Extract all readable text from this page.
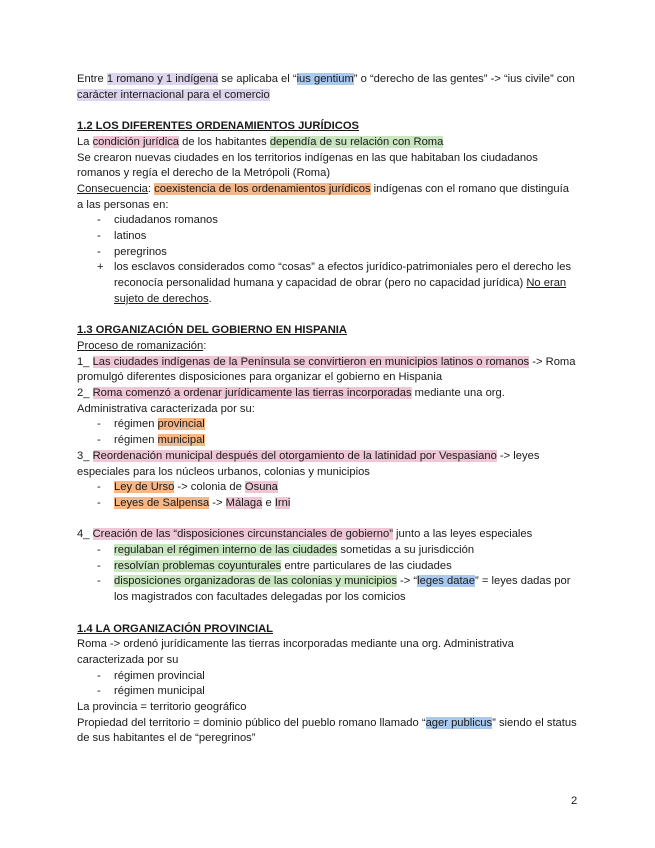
Entre 1 romano y 1 indígena se aplicaba el “ius gentium” o “derecho de las gentes” -> “ius civile” con carácter internacional para el comercio

1.2 LOS DIFERENTES ORDENAMIENTOS JURÍDICOS

La condición jurídica de los habitantes dependía de su relación con Roma

Se crearon nuevas ciudades en los territorios indígenas en las que habitaban los ciudadanos romanos y regía el derecho de la Metrópoli (Roma)

Consecuencia: coexistencia de los ordenamientos jurídicos indígenas con el romano que distinguía a las personas en:

- ciudadanos romanos
- latinos
- peregrinos
+ los esclavos considerados como “cosas” a efectos jurídico-patrimoniales pero el derecho les reconocía personalidad humana y capacidad de obrar (pero no capacidad jurídica) No eran sujeto de derechos.

1.3 ORGANIZACIÓN DEL GOBIERNO EN HISPANIA

Proceso de romanización:

1_ Las ciudades indígenas de la Península se convirtieron en municipios latinos o romanos -> Roma promulgó diferentes disposiciones para organizar el gobierno en Hispania

2_ Roma comenzó a ordenar jurídicamente las tierras incorporadas mediante una org. Administrativa caracterizada por su:

- régimen provincial
- régimen municipal

3_ Reordenación municipal después del otorgamiento de la latinidad por Vespasiano -> leyes especiales para los núcleos urbanos, colonias y municipios

- Ley de Urso -> colonia de Osuna
- Leyes de Salpensa -> Málaga e Irni

4_ Creación de las “disposiciones circunstanciales de gobierno” junto a las leyes especiales

- regulaban el régimen interno de las ciudades sometidas a su jurisdicción
- resolvían problemas coyunturales entre particulares de las ciudades
- disposiciones organizadoras de las colonias y municipios -> “leges datae” = leyes dadas por los magistrados con facultades delegadas por los comicios

1.4 LA ORGANIZACIÓN PROVINCIAL

Roma -> ordenó jurídicamente las tierras incorporadas mediante una org. Administrativa caracterizada por su

- régimen provincial
- régimen municipal

La provincia = territorio geográfico

Propiedad del territorio = dominio público del pueblo romano llamado “ager publicus” siendo el status de sus habitantes el de “peregrinos”

2
